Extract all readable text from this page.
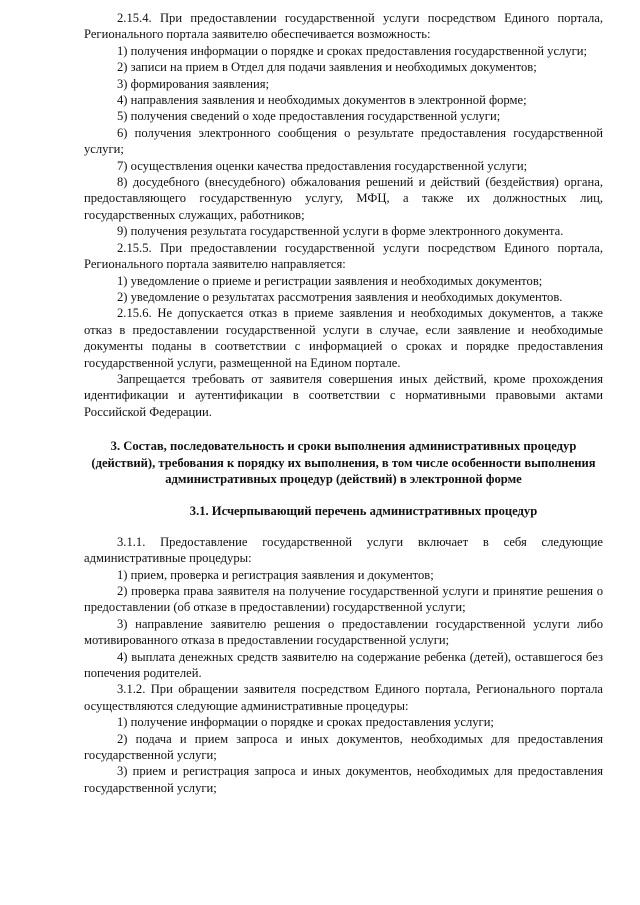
2.15.4. При предоставлении государственной услуги посредством Единого портала, Регионального портала заявителю обеспечивается возможность:

1) получения информации о порядке и сроках предоставления государственной услуги;

2) записи на прием в Отдел для подачи заявления и необходимых документов;

3) формирования заявления;

4) направления заявления и необходимых документов в электронной форме;

5) получения сведений о ходе предоставления государственной услуги;

6) получения электронного сообщения о результате предоставления государственной услуги;

7) осуществления оценки качества предоставления государственной услуги;

8) досудебного (внесудебного) обжалования решений и действий (бездействия) органа, предоставляющего государственную услугу, МФЦ, а также их должностных лиц, государственных служащих, работников;

9) получения результата государственной услуги в форме электронного документа.

2.15.5. При предоставлении государственной услуги посредством Единого портала, Регионального портала заявителю направляется:

1) уведомление о приеме и регистрации заявления и необходимых документов;

2) уведомление о результатах рассмотрения заявления и необходимых документов.

2.15.6. Не допускается отказ в приеме заявления и необходимых документов, а также отказ в предоставлении государственной услуги в случае, если заявление и необходимые документы поданы в соответствии с информацией о сроках и порядке предоставления государственной услуги, размещенной на Едином портале.

Запрещается требовать от заявителя совершения иных действий, кроме прохождения идентификации и аутентификации в соответствии с нормативными правовыми актами Российской Федерации.

3. Состав, последовательность и сроки выполнения административных процедур (действий), требования к порядку их выполнения, в том числе особенности выполнения административных процедур (действий) в электронной форме

3.1. Исчерпывающий перечень административных процедур

3.1.1. Предоставление государственной услуги включает в себя следующие административные процедуры:

1) прием, проверка и регистрация заявления и документов;

2) проверка права заявителя на получение государственной услуги и принятие решения о предоставлении (об отказе в предоставлении) государственной услуги;

3) направление заявителю решения о предоставлении государственной услуги либо мотивированного отказа в предоставлении государственной услуги;

4) выплата денежных средств заявителю на содержание ребенка (детей), оставшегося без попечения родителей.

3.1.2. При обращении заявителя посредством Единого портала, Регионального портала осуществляются следующие административные процедуры:

1) получение информации о порядке и сроках предоставления услуги;

2) подача и прием запроса и иных документов, необходимых для предоставления государственной услуги;

3) прием и регистрация запроса и иных документов, необходимых для предоставления государственной услуги;
